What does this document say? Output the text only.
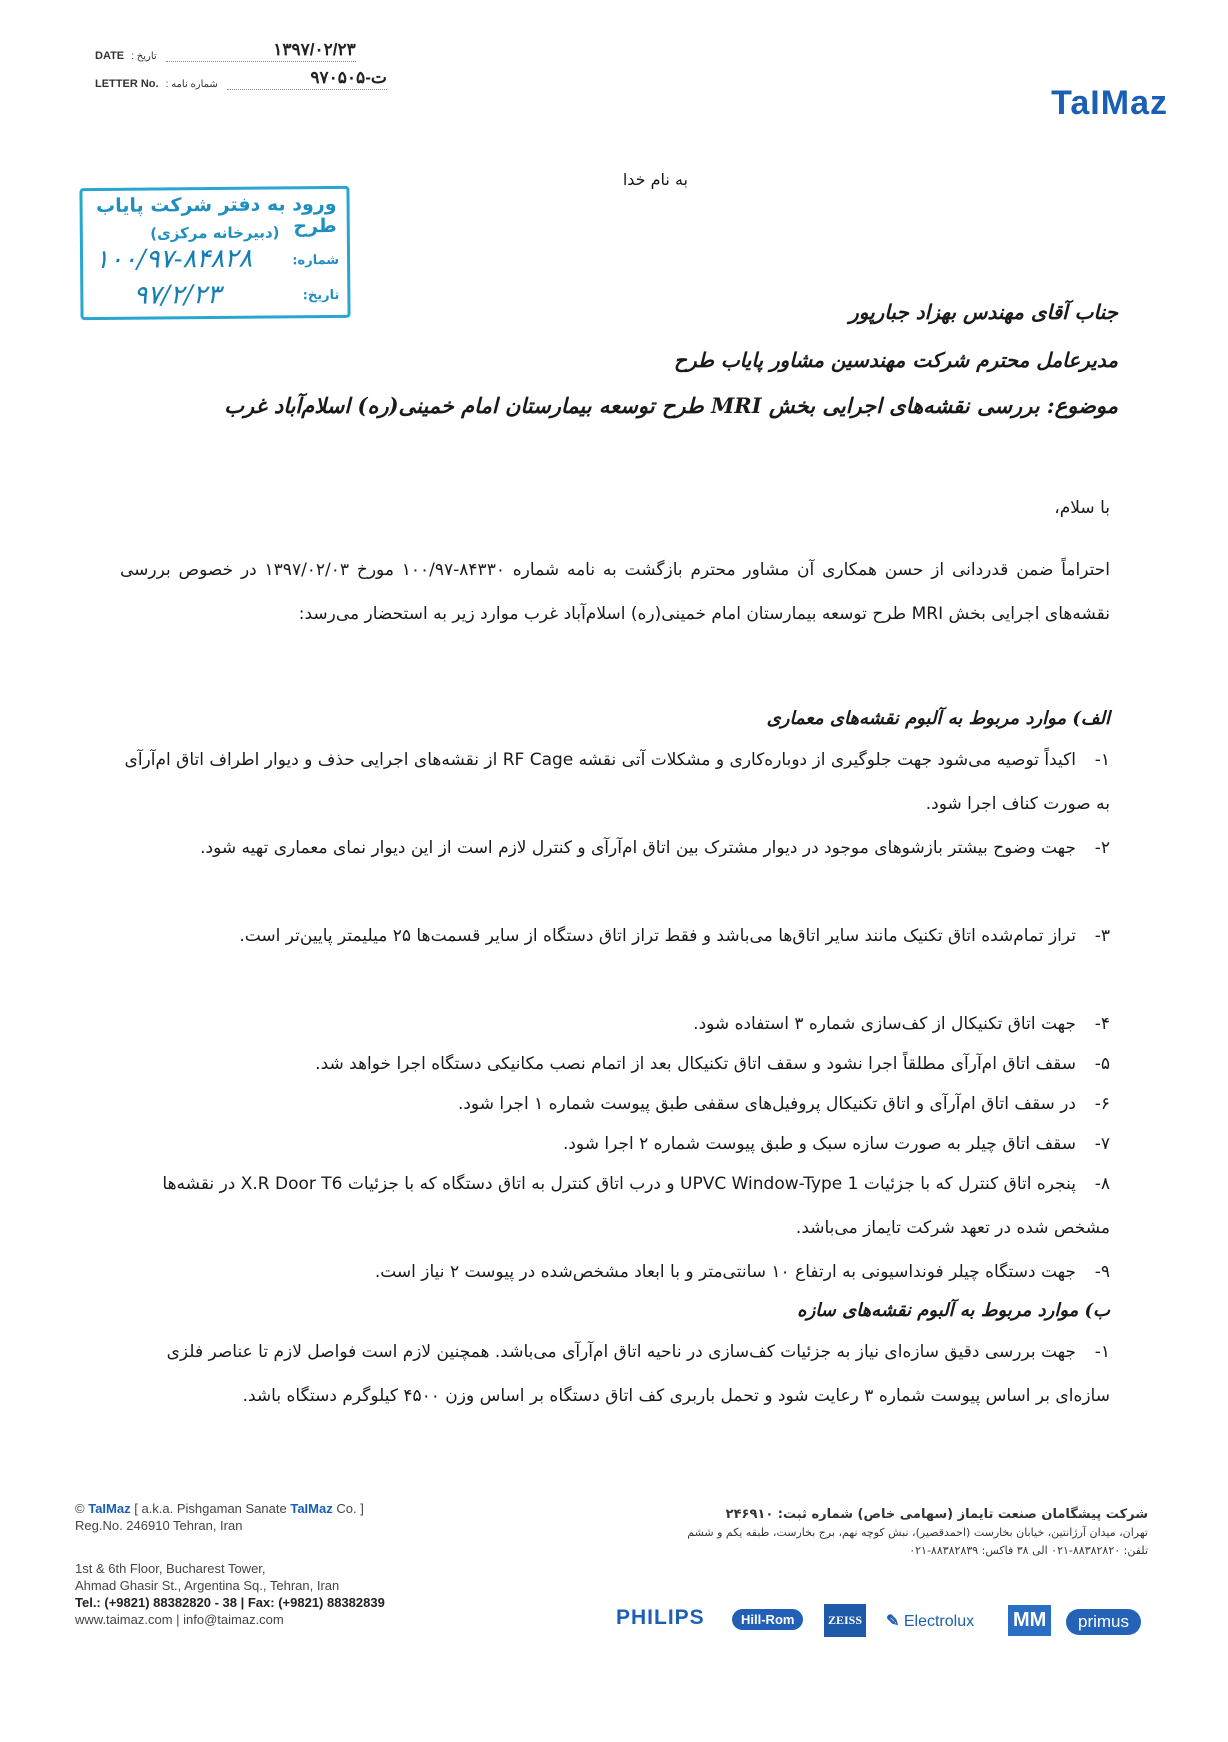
DATE : تاریخ	۱۳۹۷/۰۲/۲۳
LETTER No. : شماره نامه	۹۷ت-۰۵۰۵
TaIMaz
ورود به دفتر شرکت پایاب طرح
(دبیرخانه مرکزی)
شماره:
۱۰۰/۹۷-۸۴۸۲۸
تاریخ:
۹۷/۲/۲۳
به نام خدا
جناب آقای مهندس بهزاد جبارپور
مدیرعامل محترم شرکت مهندسین مشاور پایاب طرح
موضوع: بررسی نقشه‌های اجرایی بخش MRI طرح توسعه بیمارستان امام خمینی(ره) اسلام‌آباد غرب
با سلام،
احتراماً ضمن قدردانی از حسن همکاری آن مشاور محترم بازگشت به نامه شماره ۸۴۳۳۰-۱۰۰/۹۷ مورخ ۱۳۹۷/۰۲/۰۳ در خصوص بررسی نقشه‌های اجرایی بخش MRI طرح توسعه بیمارستان امام خمینی(ره) اسلام‌آباد غرب موارد زیر به استحضار می‌رسد:
الف) موارد مربوط به آلبوم نقشه‌های معماری
۱-اکیداً توصیه می‌شود جهت جلوگیری از دوباره‌کاری و مشکلات آتی نقشه RF Cage از نقشه‌های اجرایی حذف و دیوار اطراف اتاق ام‌آرآی به صورت کناف اجرا شود.
۲-جهت وضوح بیشتر بازشوهای موجود در دیوار مشترک بین اتاق ام‌آرآی و کنترل لازم است از این دیوار نمای معماری تهیه شود.
۳-تراز تمام‌شده اتاق تکنیک مانند سایر اتاق‌ها می‌باشد و فقط تراز اتاق دستگاه از سایر قسمت‌ها ۲۵ میلیمتر پایین‌تر است.
۴-جهت اتاق تکنیکال از کف‌سازی شماره ۳ استفاده شود.
۵-سقف اتاق ام‌آرآی مطلقاً اجرا نشود و سقف اتاق تکنیکال بعد از اتمام نصب مکانیکی دستگاه اجرا خواهد شد.
۶-در سقف اتاق ام‌آرآی و اتاق تکنیکال پروفیل‌های سقفی طبق پیوست شماره ۱ اجرا شود.
۷-سقف اتاق چیلر به صورت سازه سبک و طبق پیوست شماره ۲ اجرا شود.
۸-پنجره اتاق کنترل که با جزئیات UPVC Window-Type 1 و درب اتاق کنترل به اتاق دستگاه که با جزئیات X.R Door T6 در نقشه‌ها مشخص شده در تعهد شرکت تایماز می‌باشد.
۹-جهت دستگاه چیلر فونداسیونی به ارتفاع ۱۰ سانتی‌متر و با ابعاد مشخص‌شده در پیوست ۲ نیاز است.
ب) موارد مربوط به آلبوم نقشه‌های سازه
۱-جهت بررسی دقیق سازه‌ای نیاز به جزئیات کف‌سازی در ناحیه اتاق ام‌آرآی می‌باشد. همچنین لازم است فواصل لازم تا عناصر فلزی سازه‌ای بر اساس پیوست شماره ۳ رعایت شود و تحمل باربری کف اتاق دستگاه بر اساس وزن ۴۵۰۰ کیلوگرم دستگاه باشد.
© TaIMaz [ a.k.a. Pishgaman Sanate TaIMaz Co. ]
Reg.No. 246910 Tehran, Iran
1st & 6th Floor, Bucharest Tower,
Ahmad Ghasir St., Argentina Sq., Tehran, Iran
Tel.: (+9821) 88382820 - 38 | Fax: (+9821) 88382839
www.taimaz.com | info@taimaz.com
شرکت پیشگامان صنعت تایماز (سهامی خاص) شماره ثبت: ۲۴۶۹۱۰
تهران، میدان آرژانتین، خیابان بخارست (احمدقصیر)، نبش کوچه نهم، برج بخارست، طبقه یکم و ششم
تلفن: ۸۸۳۸۲۸۲۰-۰۲۱ الی ۳۸ فاکس: ۸۸۳۸۲۸۳۹-۰۲۱
PHILIPS	Hill-Rom	ZEISS ✎ Electrolux MM	primus
